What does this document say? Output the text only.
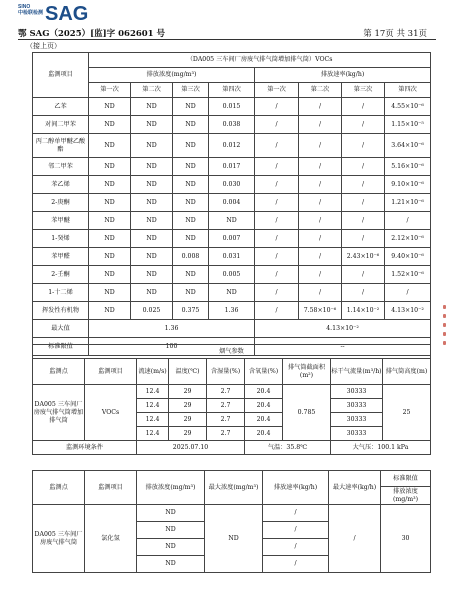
SINO
中检联检测 SAG
鄂 SAG（2025）[监]字 062601 号	第 17页 共 31页
（接上页）
监测项目	（DA005 三车间厂房废气排气筒增加排气筒）VOCs							
	排放浓度(mg/m³)				排放速率(kg/h)			
	第一次	第二次	第三次	第四次	第一次	第二次	第三次	第四次
乙苯	ND	ND	ND	0.015	/	/	/	4.55×10⁻⁶
对间二甲苯	ND	ND	ND	0.038	/	/	/	1.15×10⁻⁵
丙二醇单甲醚乙酸酯	ND	ND	ND	0.012	/	/	/	3.64×10⁻⁶
邻二甲苯	ND	ND	ND	0.017	/	/	/	5.16×10⁻⁶
苯乙烯	ND	ND	ND	0.030	/	/	/	9.10×10⁻⁶
2-庚酮	ND	ND	ND	0.004	/	/	/	1.21×10⁻⁶
苯甲醚	ND	ND	ND	ND	/	/	/	/
1-癸烯	ND	ND	ND	0.007	/	/	/	2.12×10⁻⁶
苯甲醛	ND	ND	0.008	0.031	/	/	2.43×10⁻⁶	9.40×10⁻⁶
2-壬酮	ND	ND	ND	0.005	/	/	/	1.52×10⁻⁶
1-十二烯	ND	ND	ND	ND	/	/	/	/
挥发性有机物	ND	0.025	0.375	1.36	/	7.58×10⁻⁶	1.14×10⁻²	4.13×10⁻²
最大值	1.36				4.13×10⁻²			
标准限值	100				--			
烟气参数								
监测点	监测项目	流速(m/s)	温度(℃)	含湿量(%)	含氧量(%)	排气筒截面积(m²)	标干气流量(m³/h)	排气筒高度(m)
DA005 三车间厂房废气排气筒增加排气筒	VOCs	12.4	29	2.7	20.4	0.785	30333	25
		12.4	29	2.7	20.4		30333	
		12.4	29	2.7	20.4		30333	
		12.4	29	2.7	20.4		30333	
监测环境条件		2025.07.10			气温：35.8℃		大气压：100.1 kPa	
监测点	监测项目	排放浓度(mg/m³)	最大浓度(mg/m³)	排放速率(kg/h)	最大速率(kg/h)	标准限值
						排放浓度(mg/m³)
DA005 三车间厂房废气排气筒	氯化氢	ND	ND	/	/	30
		ND		/		
		ND		/		
		ND		/		
